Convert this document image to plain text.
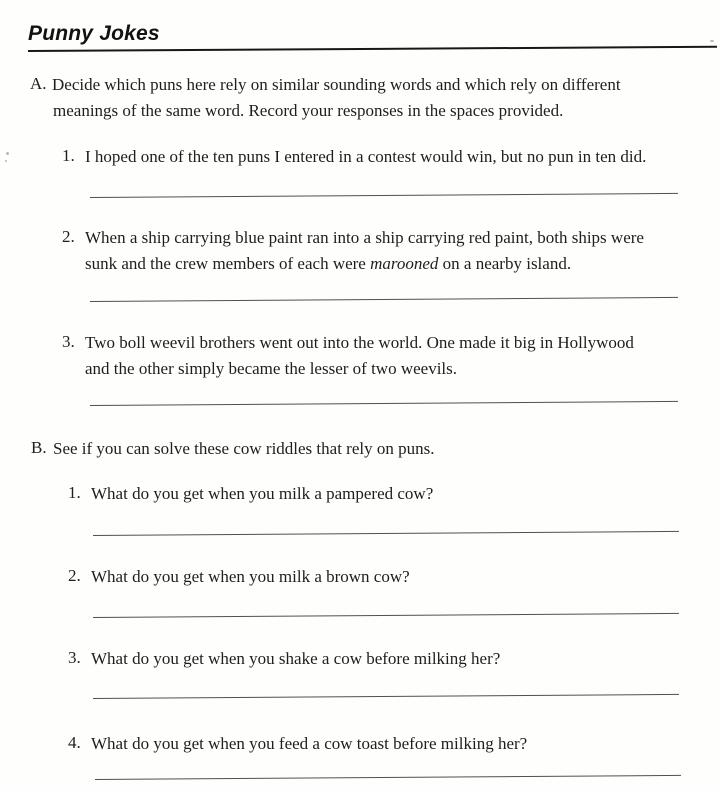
Punny Jokes
A. Decide which puns here rely on similar sounding words and which rely on different
meanings of the same word. Record your responses in the spaces provided.
1. I hoped one of the ten puns I entered in a contest would win, but no pun in ten did.
2. When a ship carrying blue paint ran into a ship carrying red paint, both ships were
sunk and the crew members of each were marooned on a nearby island.
3. Two boll weevil brothers went out into the world. One made it big in Hollywood
and the other simply became the lesser of two weevils.
B. See if you can solve these cow riddles that rely on puns.
1. What do you get when you milk a pampered cow?
2. What do you get when you milk a brown cow?
3. What do you get when you shake a cow before milking her?
4. What do you get when you feed a cow toast before milking her?
